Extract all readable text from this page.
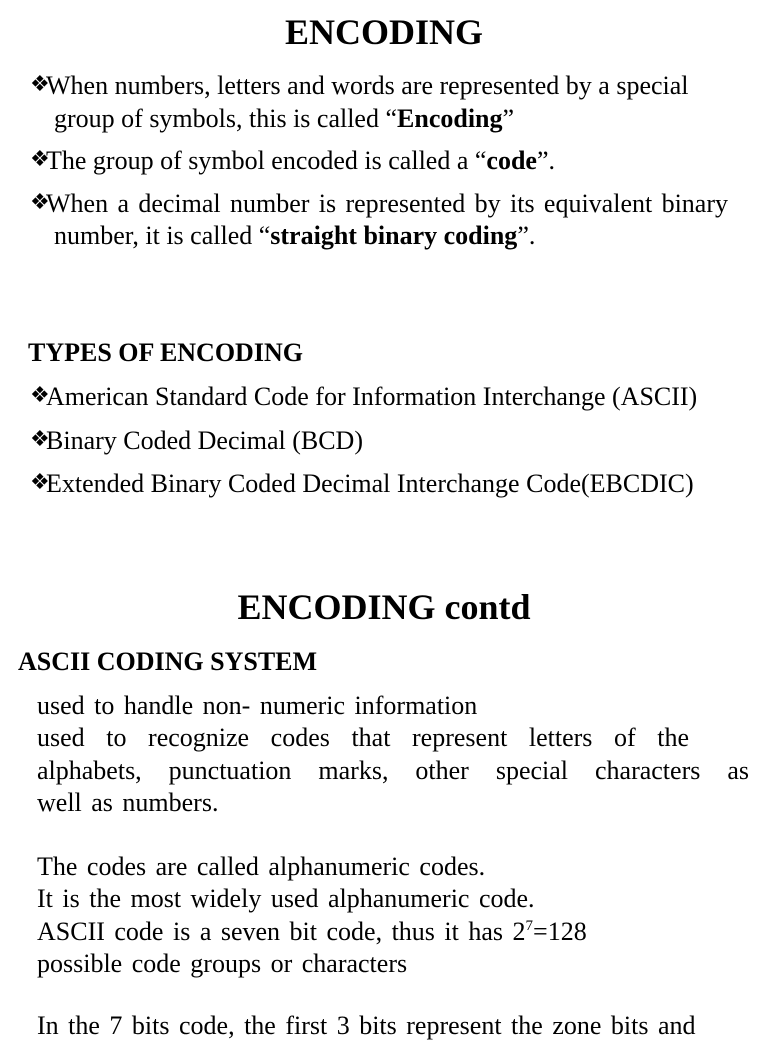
ENCODING
❖
When numbers, letters and words are represented by a special group of symbols, this is called “Encoding”
❖
The group of symbol encoded is called a “code”.
❖
When a decimal number is represented by its equivalent binary number, it is called “straight binary coding”.
TYPES OF ENCODING
❖
American Standard Code for Information Interchange (ASCII)
❖
Binary Coded Decimal (BCD)
❖
Extended Binary Coded Decimal Interchange Code(EBCDIC)
ENCODING contd
ASCII CODING SYSTEM
used to handle non- numeric information
used to recognize codes that represent letters of the
alphabets, punctuation marks, other special characters as
well as numbers.
The codes are called alphanumeric codes.
It is the most widely used alphanumeric code.
ASCII code is a seven bit code, thus it has $2^7=128$
possible code groups or characters
In the 7 bits code, the first 3 bits represent the zone bits and
